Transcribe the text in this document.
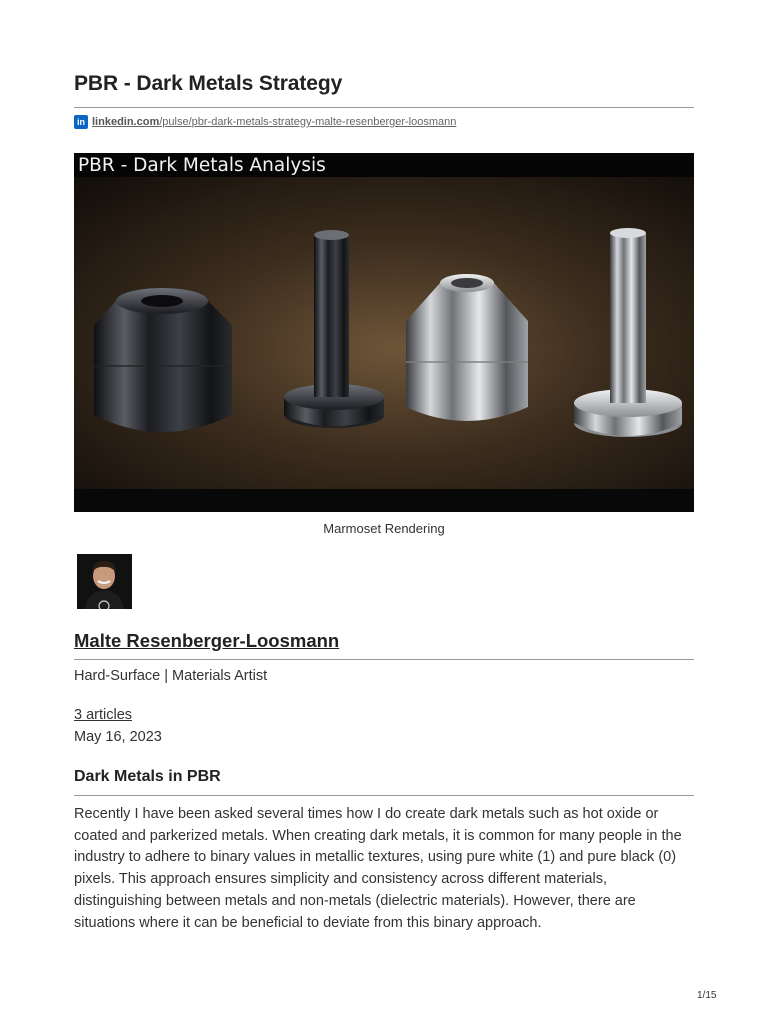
PBR - Dark Metals Strategy
in linkedin.com/pulse/pbr-dark-metals-strategy-malte-resenberger-loosmann
PBR - Dark Metals Analysis
Marmoset Rendering
Malte Resenberger-Loosmann
Hard-Surface | Materials Artist
3 articles
May 16, 2023
Dark Metals in PBR

Recently I have been asked several times how I do create dark metals such as hot oxide or coated and parkerized metals. When creating dark metals, it is common for many people in the industry to adhere to binary values in metallic textures, using pure white (1) and pure black (0) pixels. This approach ensures simplicity and consistency across different materials, distinguishing between metals and non-metals (dielectric materials). However, there are situations where it can be beneficial to deviate from this binary approach.

1/15
